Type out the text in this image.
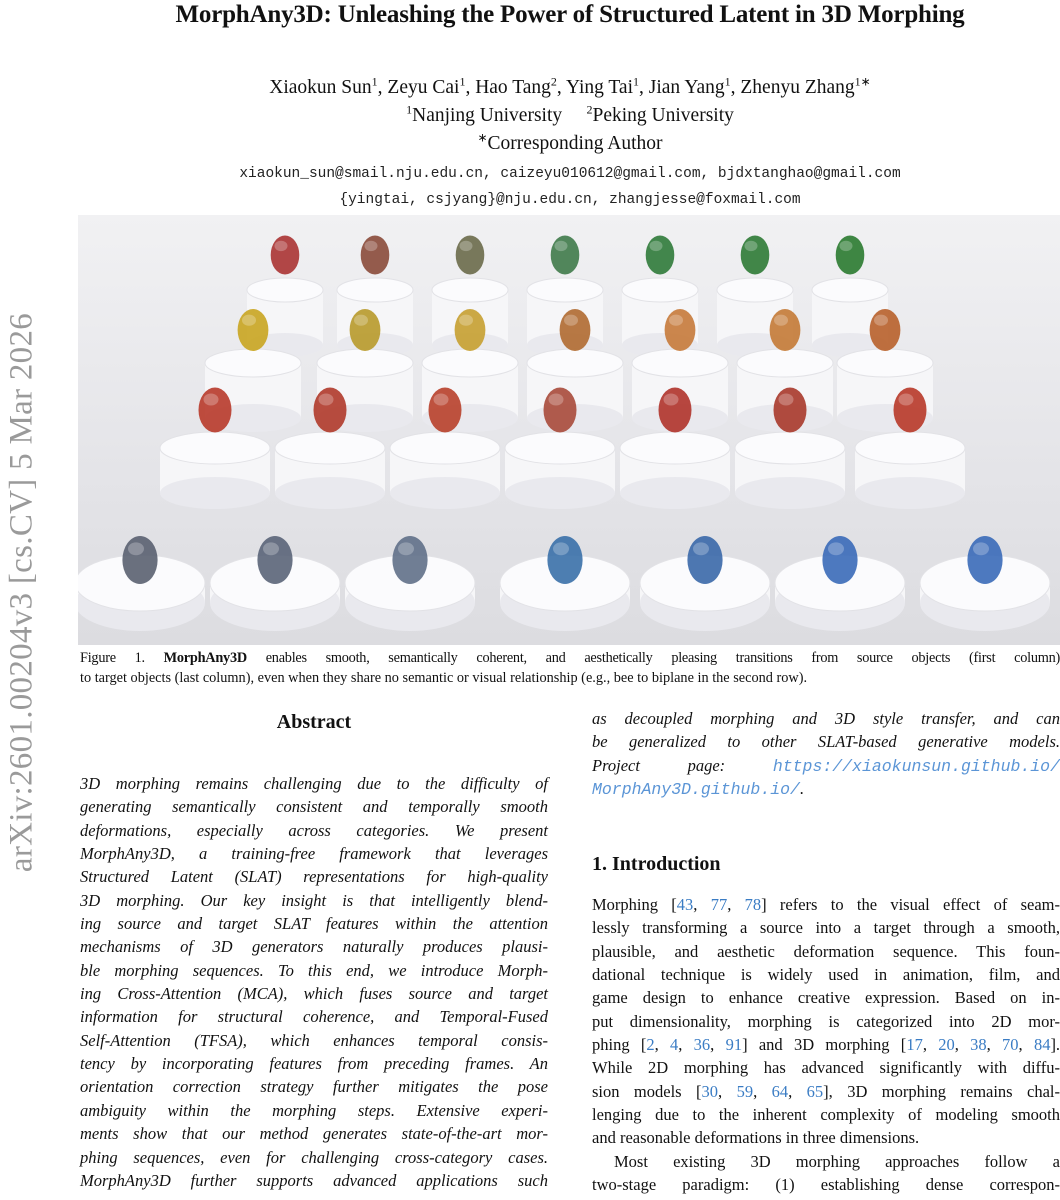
MorphAny3D: Unleashing the Power of Structured Latent in 3D Morphing
Xiaokun Sun$^1$, Zeyu Cai$^1$, Hao Tang$^2$, Ying Tai$^1$, Jian Yang$^1$, Zhenyu Zhang$^{1∗}$
$^1$Nanjing University $^2$Peking University
∗Corresponding Author
xiaokun_sun@smail.nju.edu.cn, caizeyu010612@gmail.com, bjdxtanghao@gmail.com
{yingtai, csjyang}@nju.edu.cn, zhangjesse@foxmail.com
arXiv:2601.00204v3 [cs.CV] 5 Mar 2026	Figure 1. MorphAny3D enables smooth, semantically coherent, and aesthetically pleasing transitions from source objects (first column)
to target objects (last column), even when they share no semantic or visual relationship (e.g., bee to biplane in the second row).
Abstract
3D morphing remains challenging due to the difficulty of
generating semantically consistent and temporally smooth
deformations, especially across categories. We present
MorphAny3D, a training-free framework that leverages
Structured Latent (SLAT) representations for high-quality
3D morphing. Our key insight is that intelligently blend-
ing source and target SLAT features within the attention
mechanisms of 3D generators naturally produces plausi-
ble morphing sequences. To this end, we introduce Morph-
ing Cross-Attention (MCA), which fuses source and target
information for structural coherence, and Temporal-Fused
Self-Attention (TFSA), which enhances temporal consis-
tency by incorporating features from preceding frames. An
orientation correction strategy further mitigates the pose
ambiguity within the morphing steps. Extensive experi-
ments show that our method generates state-of-the-art mor-
phing sequences, even for challenging cross-category cases.
MorphAny3D further supports advanced applications such
as decoupled morphing and 3D style transfer, and can
be generalized to other SLAT-based generative models.
Project page: https://xiaokunsun.github.io/
MorphAny3D.github.io/.
1. Introduction
Morphing [43, 77, 78] refers to the visual effect of seam-
lessly transforming a source into a target through a smooth,
plausible, and aesthetic deformation sequence. This foun-
dational technique is widely used in animation, film, and
game design to enhance creative expression. Based on in-
put dimensionality, morphing is categorized into 2D mor-
phing [2, 4, 36, 91] and 3D morphing [17, 20, 38, 70, 84].
While 2D morphing has advanced significantly with diffu-
sion models [30, 59, 64, 65], 3D morphing remains chal-
lenging due to the inherent complexity of modeling smooth
and reasonable deformations in three dimensions.
Most existing 3D morphing approaches follow a
two-stage paradigm: (1) establishing dense correspon-
